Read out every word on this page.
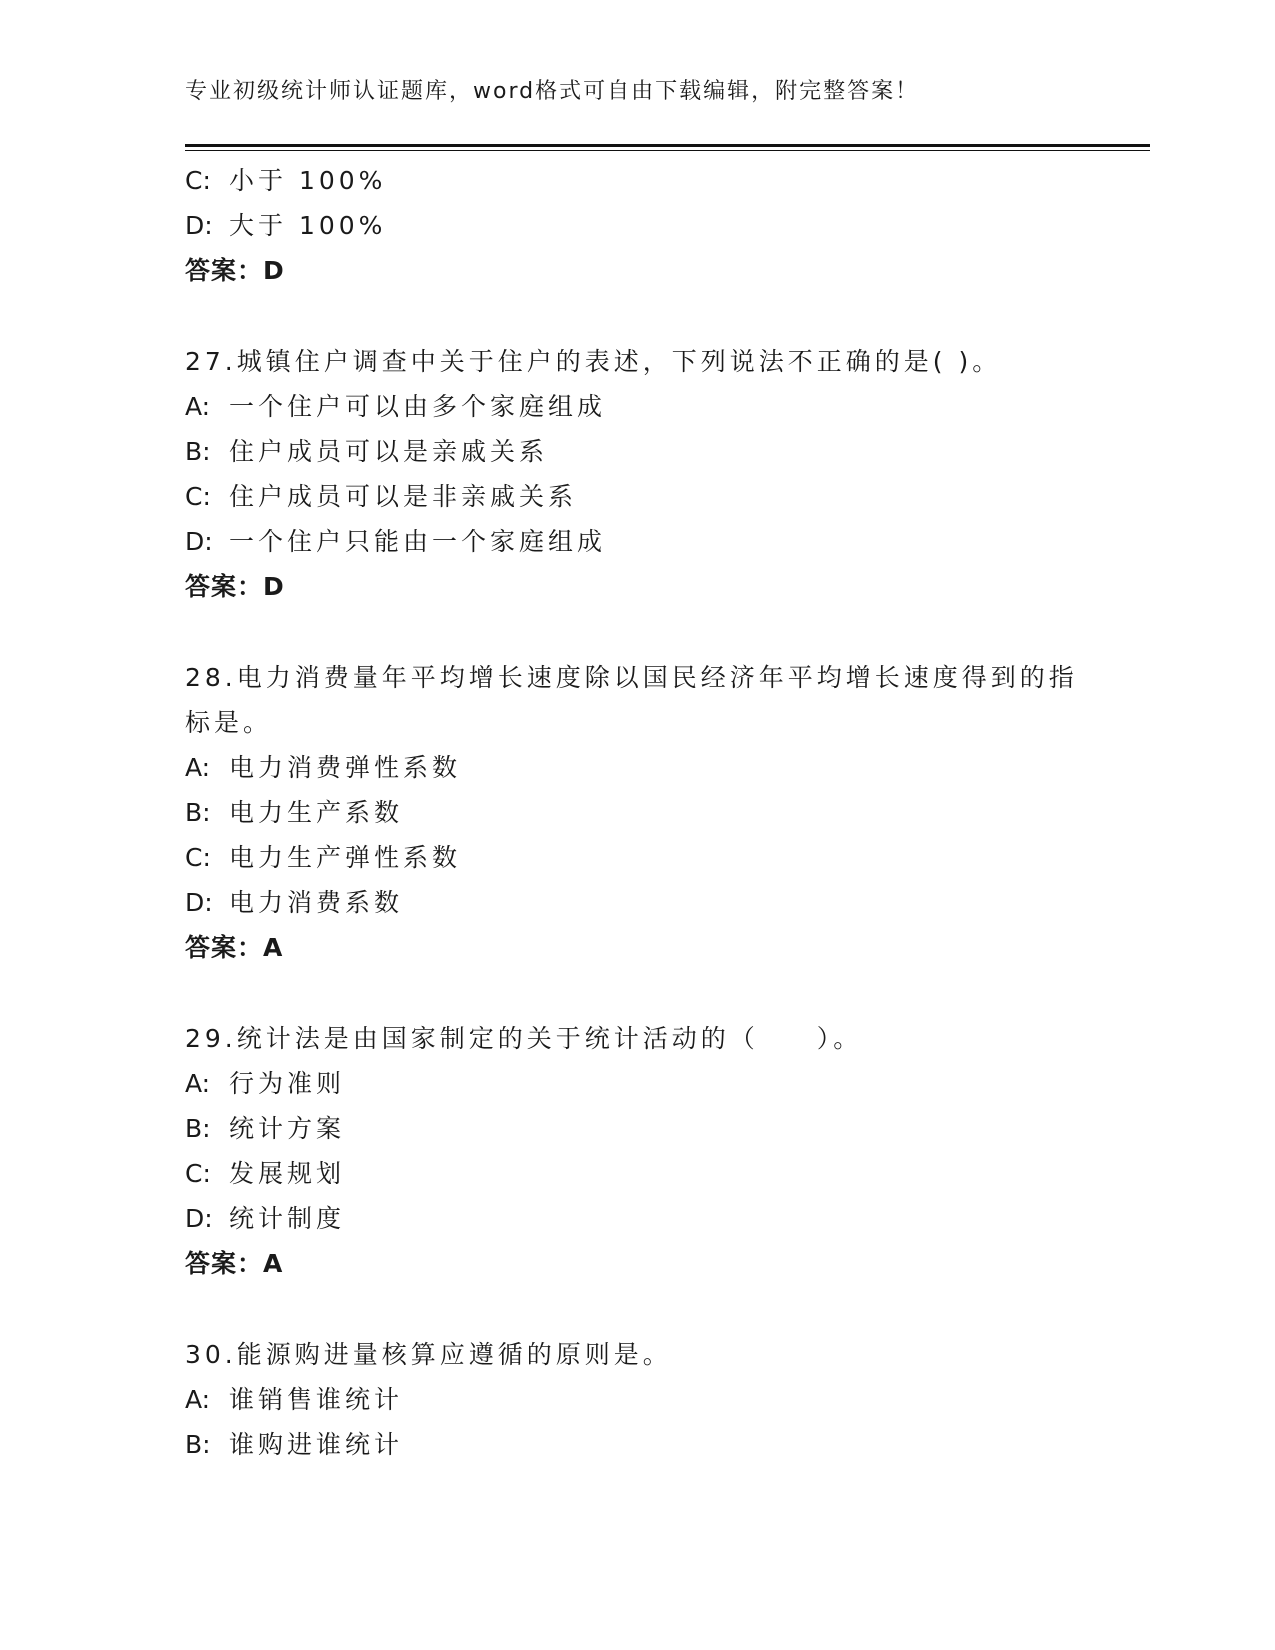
专业初级统计师认证题库，word格式可自由下载编辑，附完整答案！
C: 小于 100%
D: 大于 100%
答案：D
27.城镇住户调查中关于住户的表述，下列说法不正确的是( )。
A: 一个住户可以由多个家庭组成
B: 住户成员可以是亲戚关系
C: 住户成员可以是非亲戚关系
D: 一个住户只能由一个家庭组成
答案：D
28.电力消费量年平均增长速度除以国民经济年平均增长速度得到的指
标是。
A: 电力消费弹性系数
B: 电力生产系数
C: 电力生产弹性系数
D: 电力消费系数
答案：A
29.统计法是由国家制定的关于统计活动的（　　）。
A: 行为准则
B: 统计方案
C: 发展规划
D: 统计制度
答案：A
30.能源购进量核算应遵循的原则是。
A: 谁销售谁统计
B: 谁购进谁统计
